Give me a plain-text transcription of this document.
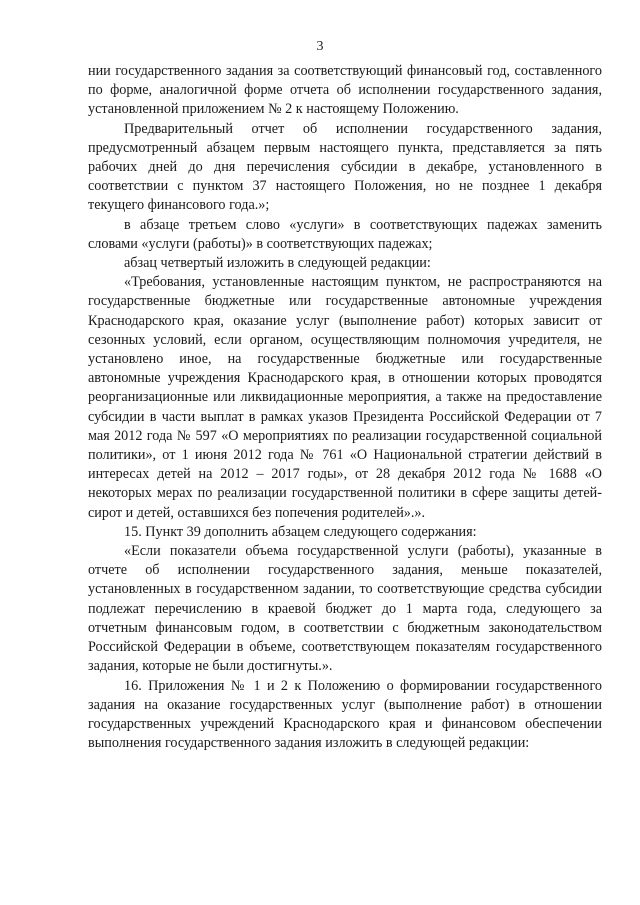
3

нии государственного задания за соответствующий финансовый год, составленного по форме, аналогичной форме отчета об исполнении государственного задания, установленной приложением № 2 к настоящему Положению.

Предварительный отчет об исполнении государственного задания, предусмотренный абзацем первым настоящего пункта, представляется за пять рабочих дней до дня перечисления субсидии в декабре, установленного в соответствии с пунктом 37 настоящего Положения, но не позднее 1 декабря текущего финансового года.»;

в абзаце третьем слово «услуги» в соответствующих падежах заменить словами «услуги (работы)» в соответствующих падежах;

абзац четвертый изложить в следующей редакции:

«Требования, установленные настоящим пунктом, не распространяются на государственные бюджетные или государственные автономные учреждения Краснодарского края, оказание услуг (выполнение работ) которых зависит от сезонных условий, если органом, осуществляющим полномочия учредителя, не установлено иное, на государственные бюджетные или государственные автономные учреждения Краснодарского края, в отношении которых проводятся реорганизационные или ликвидационные мероприятия, а также на предоставление субсидии в части выплат в рамках указов Президента Российской Федерации от 7 мая 2012 года № 597 «О мероприятиях по реализации государственной социальной политики», от 1 июня 2012 года № 761 «О Национальной стратегии действий в интересах детей на 2012 – 2017 годы», от 28 декабря 2012 года № 1688 «О некоторых мерах по реализации государственной политики в сфере защиты детей-сирот и детей, оставшихся без попечения родителей».».

15. Пункт 39 дополнить абзацем следующего содержания:

«Если показатели объема государственной услуги (работы), указанные в отчете об исполнении государственного задания, меньше показателей, установленных в государственном задании, то соответствующие средства субсидии подлежат перечислению в краевой бюджет до 1 марта года, следующего за отчетным финансовым годом, в соответствии с бюджетным законодательством Российской Федерации в объеме, соответствующем показателям государственного задания, которые не были достигнуты.».

16. Приложения № 1 и 2 к Положению о формировании государственного задания на оказание государственных услуг (выполнение работ) в отношении государственных учреждений Краснодарского края и финансовом обеспечении выполнения государственного задания изложить в следующей редакции:
